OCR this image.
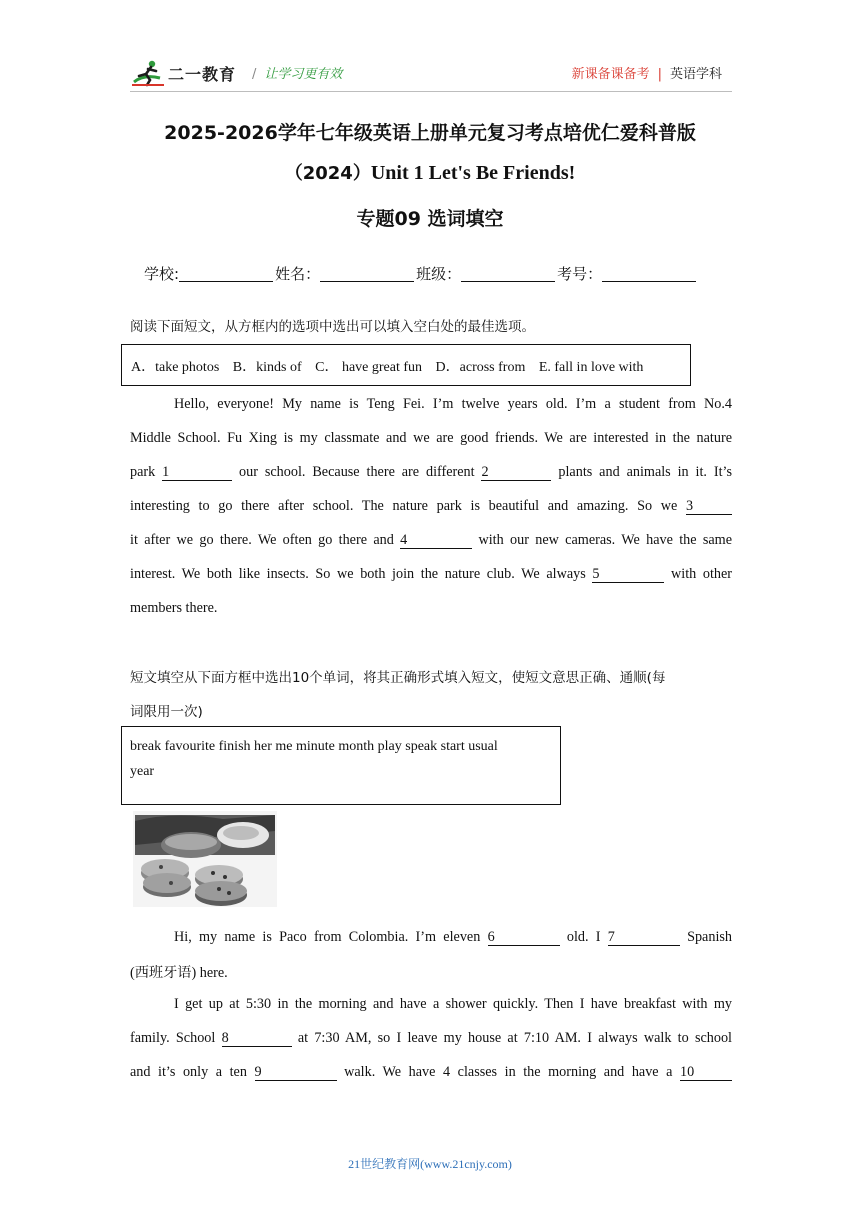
二一教育 / 让学习更有效	新课备课备考 | 英语学科
2025-2026学年七年级英语上册单元复习考点培优仁爱科普版
（2024）Unit 1 Let's Be Friends!
专题09 选词填空
学校:	姓名：	班级：	考号：
阅读下面短文，从方框内的选项中选出可以填入空白处的最佳选项。
A．take photos B．kinds of C． have great fun D．across from E. fall in love with
Hello, everyone! My name is Teng Fei. I’m twelve years old. I’m a student from No.4
Middle School. Fu Xing is my classmate and we are good friends. We are interested in the nature
park 1	our school. Because there are different 2	plants and animals in it. It’s
interesting to go there after school. The nature park is beautiful and amazing. So we 3
it after we go there. We often go there and 4	with our new cameras. We have the same
interest. We both like insects. So we both join the nature club. We always 5	with other
members there.
短文填空从下面方框中选出10个单词，将其正确形式填入短文，使短文意思正确、通顺(每
词限用一次)

break favourite finish her me minute month play speak start usual

year

Hi, my name is Paco from Colombia. I’m eleven 6	old. I 7	Spanish
(西班牙语) here.
I get up at 5:30 in the morning and have a shower quickly. Then I have breakfast with my
family. School 8	at 7:30 AM, so I leave my house at 7:10 AM. I always walk to school
and it’s only a ten 9	walk. We have 4 classes in the morning and have a 10
21世纪教育网(www.21cnjy.com)
